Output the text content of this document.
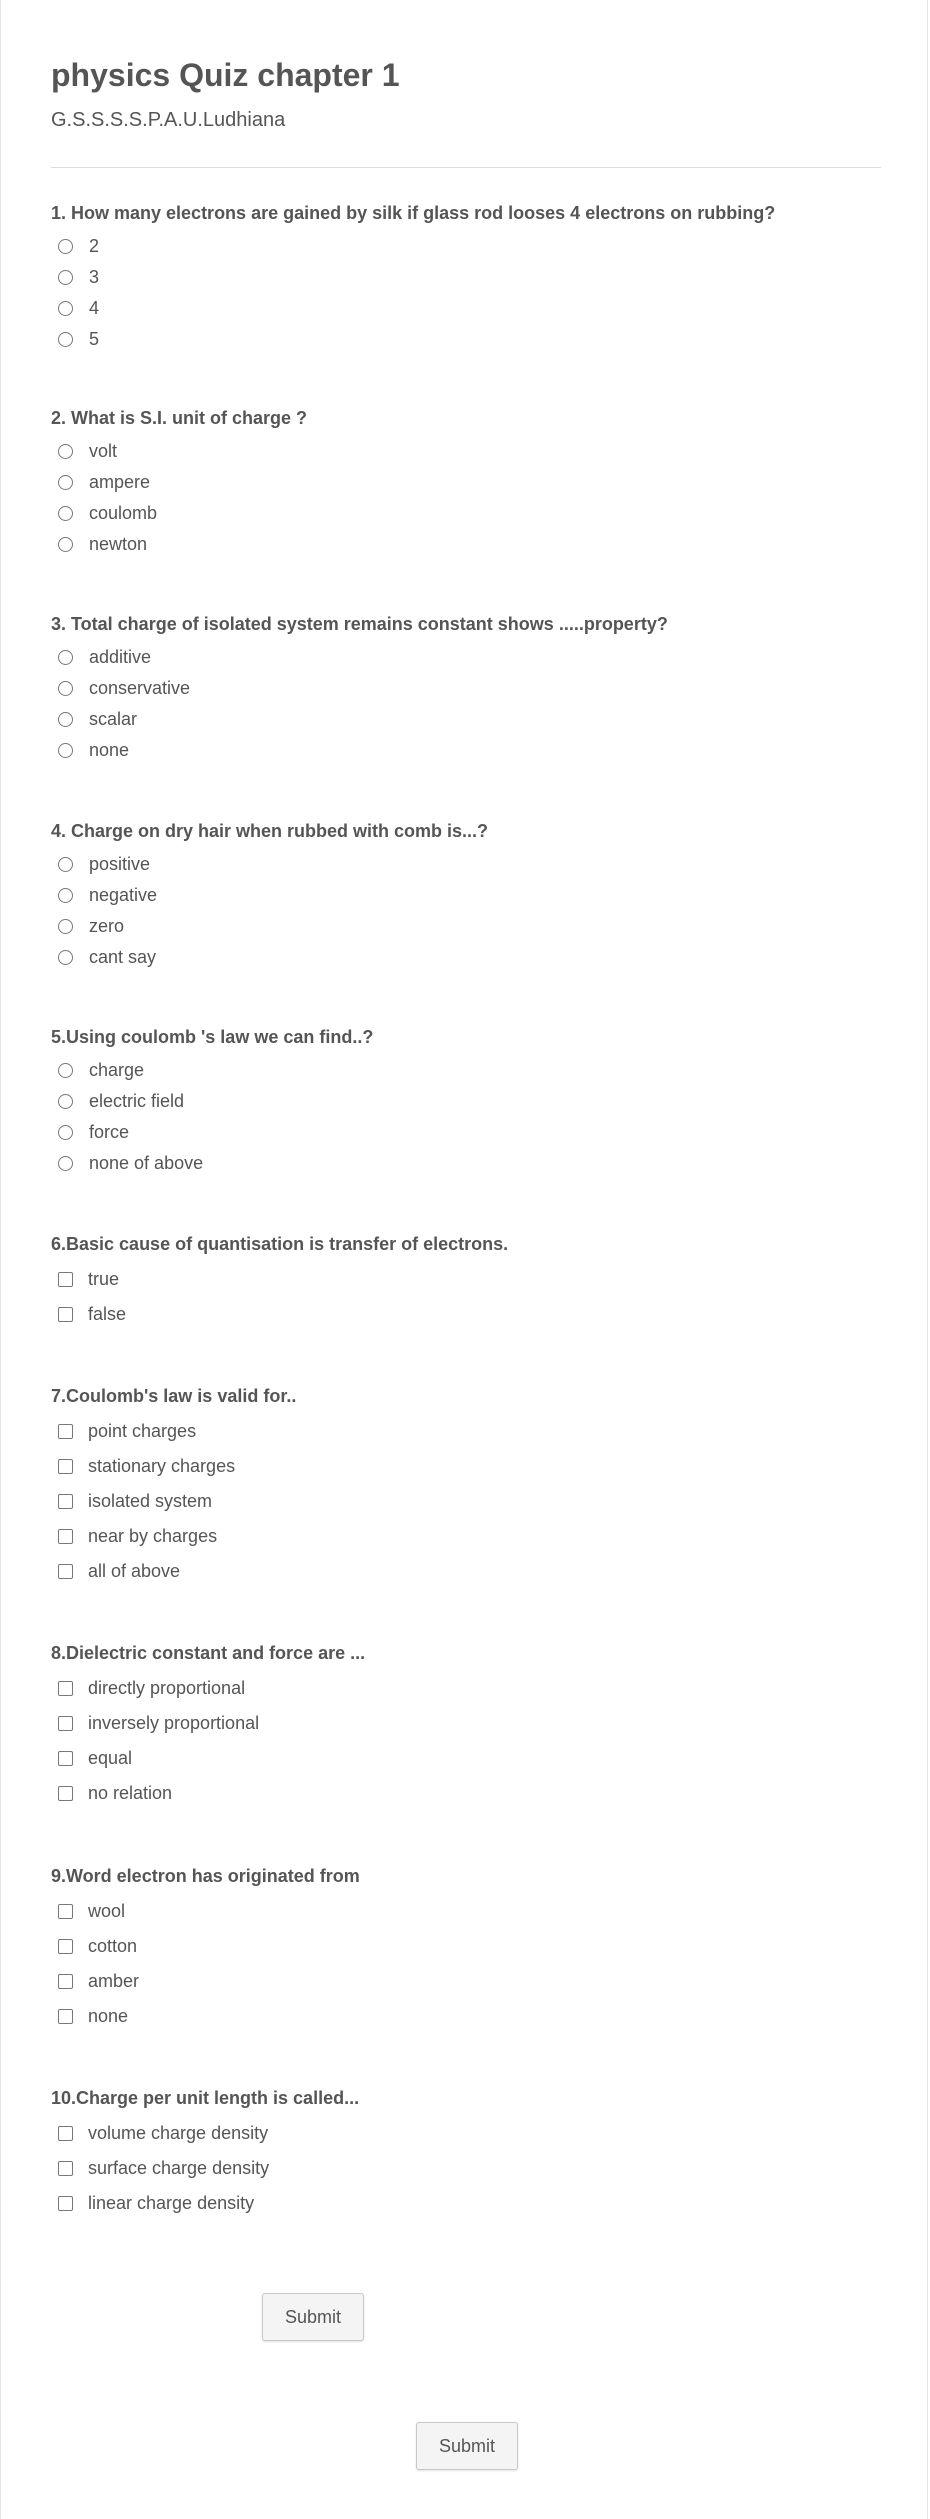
physics Quiz chapter 1
G.S.S.S.S.P.A.U.Ludhiana
1. How many electrons are gained by silk if glass rod looses 4 electrons on rubbing?
2
3
4
5
2. What is S.I. unit of charge ?
volt
ampere
coulomb
newton
3. Total charge of isolated system remains constant shows .....property?
additive
conservative
scalar
none
4. Charge on dry hair when rubbed with comb is...?
positive
negative
zero
cant say
5.Using coulomb 's law we can find..?
charge
electric field
force
none of above
6.Basic cause of quantisation is transfer of electrons.
true
false
7.Coulomb's law is valid for..
point charges
stationary charges
isolated system
near by charges
all of above
8.Dielectric constant and force are ...
directly proportional
inversely proportional
equal
no relation
9.Word electron has originated from
wool
cotton
amber
none
10.Charge per unit length is called...
volume charge density
surface charge density
linear charge density
Submit
Submit
